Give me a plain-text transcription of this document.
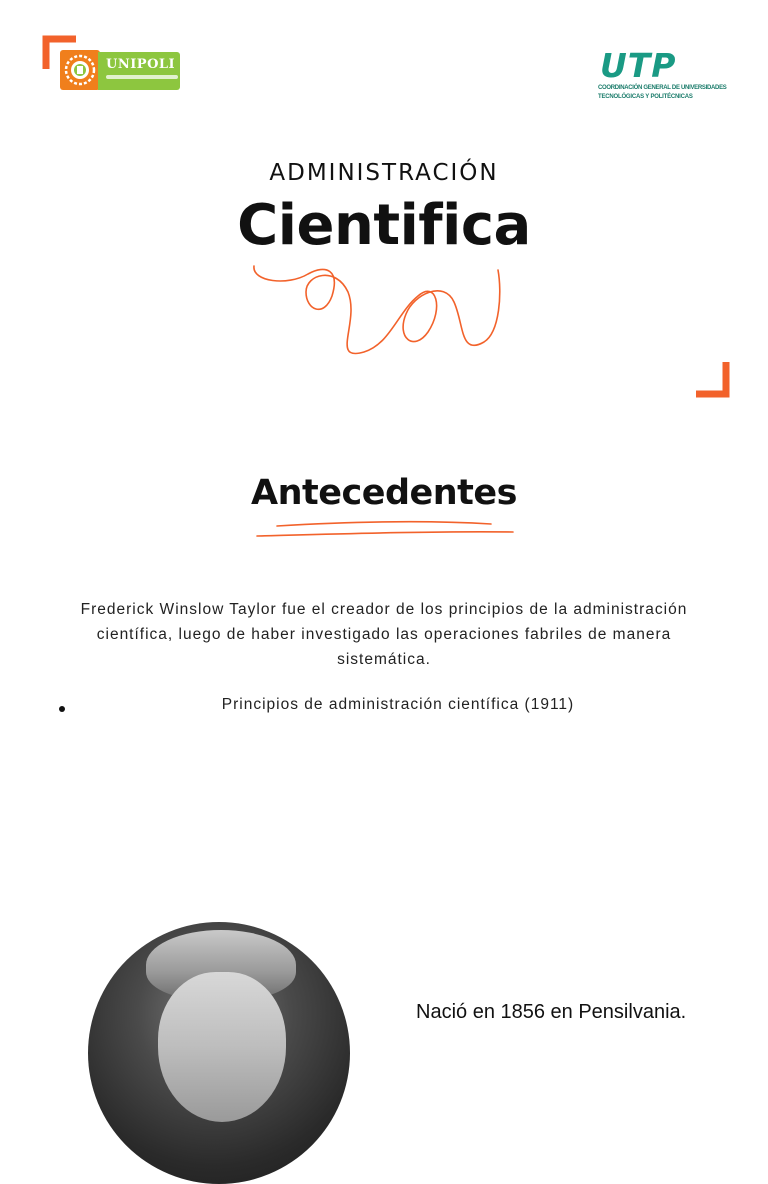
UNIPOLI	UTP
COORDINACIÓN GENERAL DE UNIVERSIDADES
TECNOLÓGICAS Y POLITÉCNICAS
ADMINISTRACIÓN
Cientifica
Antecedentes
Frederick Winslow Taylor fue el creador de los principios de la administración científica, luego de haber investigado las operaciones fabriles de manera sistemática.
Principios de administración científica (1911)
Nació en 1856 en Pensilvania.
